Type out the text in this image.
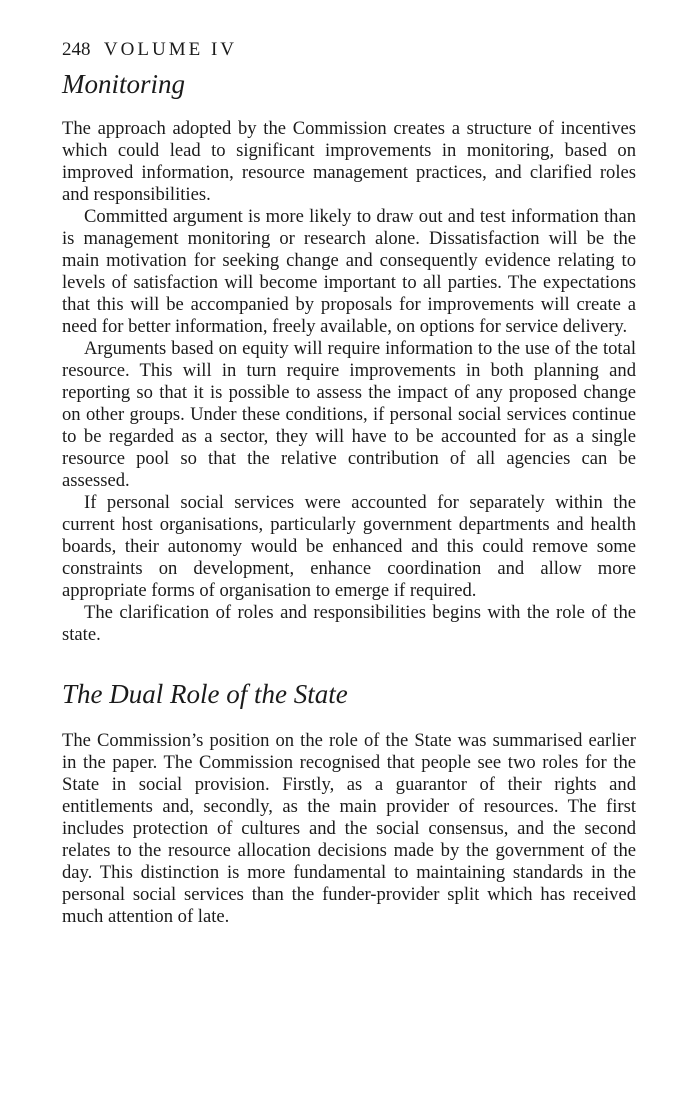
248 VOLUME IV
Monitoring

The approach adopted by the Commission creates a structure of incentives which could lead to significant improvements in monitoring, based on improved information, resource management practices, and clarified roles and responsibilities.

Committed argument is more likely to draw out and test information than is management monitoring or research alone. Dissatisfaction will be the main motivation for seeking change and consequently evidence relating to levels of satisfaction will become important to all parties. The expectations that this will be accompanied by proposals for improvements will create a need for better information, freely available, on options for service delivery.

Arguments based on equity will require information to the use of the total resource. This will in turn require improvements in both planning and reporting so that it is possible to assess the impact of any proposed change on other groups. Under these conditions, if personal social services continue to be regarded as a sector, they will have to be accounted for as a single resource pool so that the relative contribution of all agencies can be assessed.

If personal social services were accounted for separately within the current host organisations, particularly government departments and health boards, their autonomy would be enhanced and this could remove some constraints on development, enhance coordination and allow more appropriate forms of organisation to emerge if required.

The clarification of roles and responsibilities begins with the role of the state.

The Dual Role of the State

The Commission’s position on the role of the State was summarised earlier in the paper. The Commission recognised that people see two roles for the State in social provision. Firstly, as a guarantor of their rights and entitlements and, secondly, as the main provider of resources. The first includes protection of cultures and the social consensus, and the second relates to the resource allocation decisions made by the government of the day. This distinction is more fundamental to maintaining standards in the personal social services than the funder-provider split which has received much attention of late.
